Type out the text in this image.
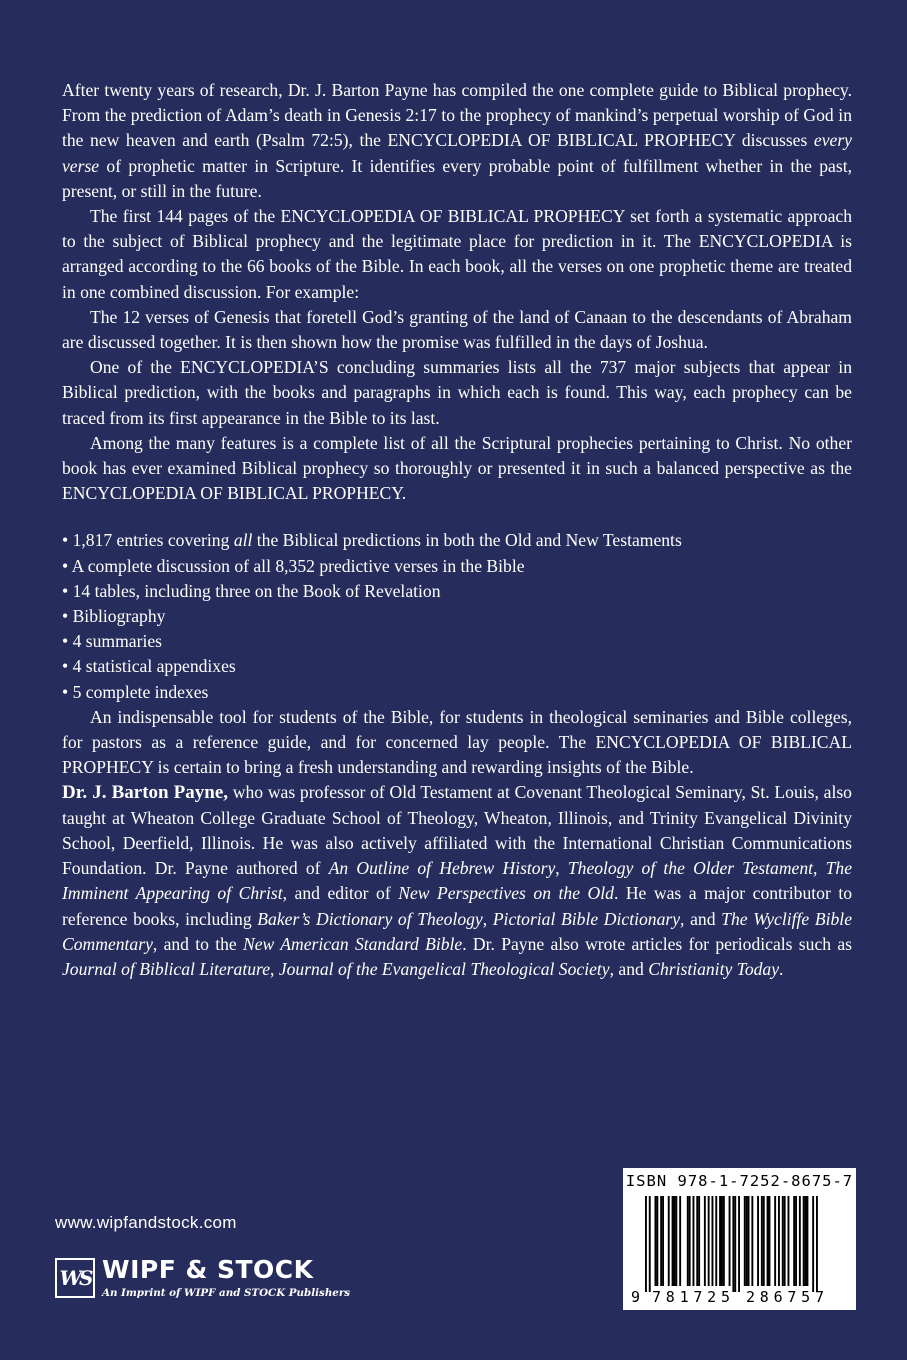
After twenty years of research, Dr. J. Barton Payne has compiled the one complete guide to Biblical prophecy. From the prediction of Adam’s death in Genesis 2:17 to the prophecy of mankind’s perpetual worship of God in the new heaven and earth (Psalm 72:5), the ENCYCLOPEDIA OF BIBLICAL PROPHECY discusses every verse of prophetic matter in Scripture. It identifies every probable point of fulfillment whether in the past, present, or still in the future.

The first 144 pages of the ENCYCLOPEDIA OF BIBLICAL PROPHECY set forth a systematic approach to the subject of Biblical prophecy and the legitimate place for prediction in it. The ENCYCLOPEDIA is arranged according to the 66 books of the Bible. In each book, all the verses on one prophetic theme are treated in one combined discussion. For example:

The 12 verses of Genesis that foretell God’s granting of the land of Canaan to the descendants of Abraham are discussed together. It is then shown how the promise was fulfilled in the days of Joshua.

One of the ENCYCLOPEDIA’S concluding summaries lists all the 737 major subjects that appear in Biblical prediction, with the books and paragraphs in which each is found. This way, each prophecy can be traced from its first appearance in the Bible to its last.

Among the many features is a complete list of all the Scriptural prophecies pertaining to Christ. No other book has ever examined Biblical prophecy so thoroughly or presented it in such a balanced perspective as the ENCYCLOPEDIA OF BIBLICAL PROPHECY.

• 1,817 entries covering all the Biblical predictions in both the Old and New Testaments
• A complete discussion of all 8,352 predictive verses in the Bible
• 14 tables, including three on the Book of Revelation
• Bibliography
• 4 summaries
• 4 statistical appendixes
• 5 complete indexes

An indispensable tool for students of the Bible, for students in theological seminaries and Bible colleges, for pastors as a reference guide, and for concerned lay people. The ENCYCLOPEDIA OF BIBLICAL PROPHECY is certain to bring a fresh understanding and rewarding insights of the Bible.

Dr. J. Barton Payne, who was professor of Old Testament at Covenant Theological Seminary, St. Louis, also taught at Wheaton College Graduate School of Theology, Wheaton, Illinois, and Trinity Evangelical Divinity School, Deerfield, Illinois. He was also actively affiliated with the International Christian Communications Foundation. Dr. Payne authored of An Outline of Hebrew History, Theology of the Older Testament, The Imminent Appearing of Christ, and editor of New Perspectives on the Old. He was a major contributor to reference books, including Baker’s Dictionary of Theology, Pictorial Bible Dictionary, and The Wycliffe Bible Commentary, and to the New American Standard Bible. Dr. Payne also wrote articles for periodicals such as Journal of Biblical Literature, Journal of the Evangelical Theological Society, and Christianity Today.

www.wipfandstock.com
WS WIPF & STOCK
An Imprint of WIPF and STOCK Publishers
ISBN 978-1-7252-8675-7
9 781725 286757
